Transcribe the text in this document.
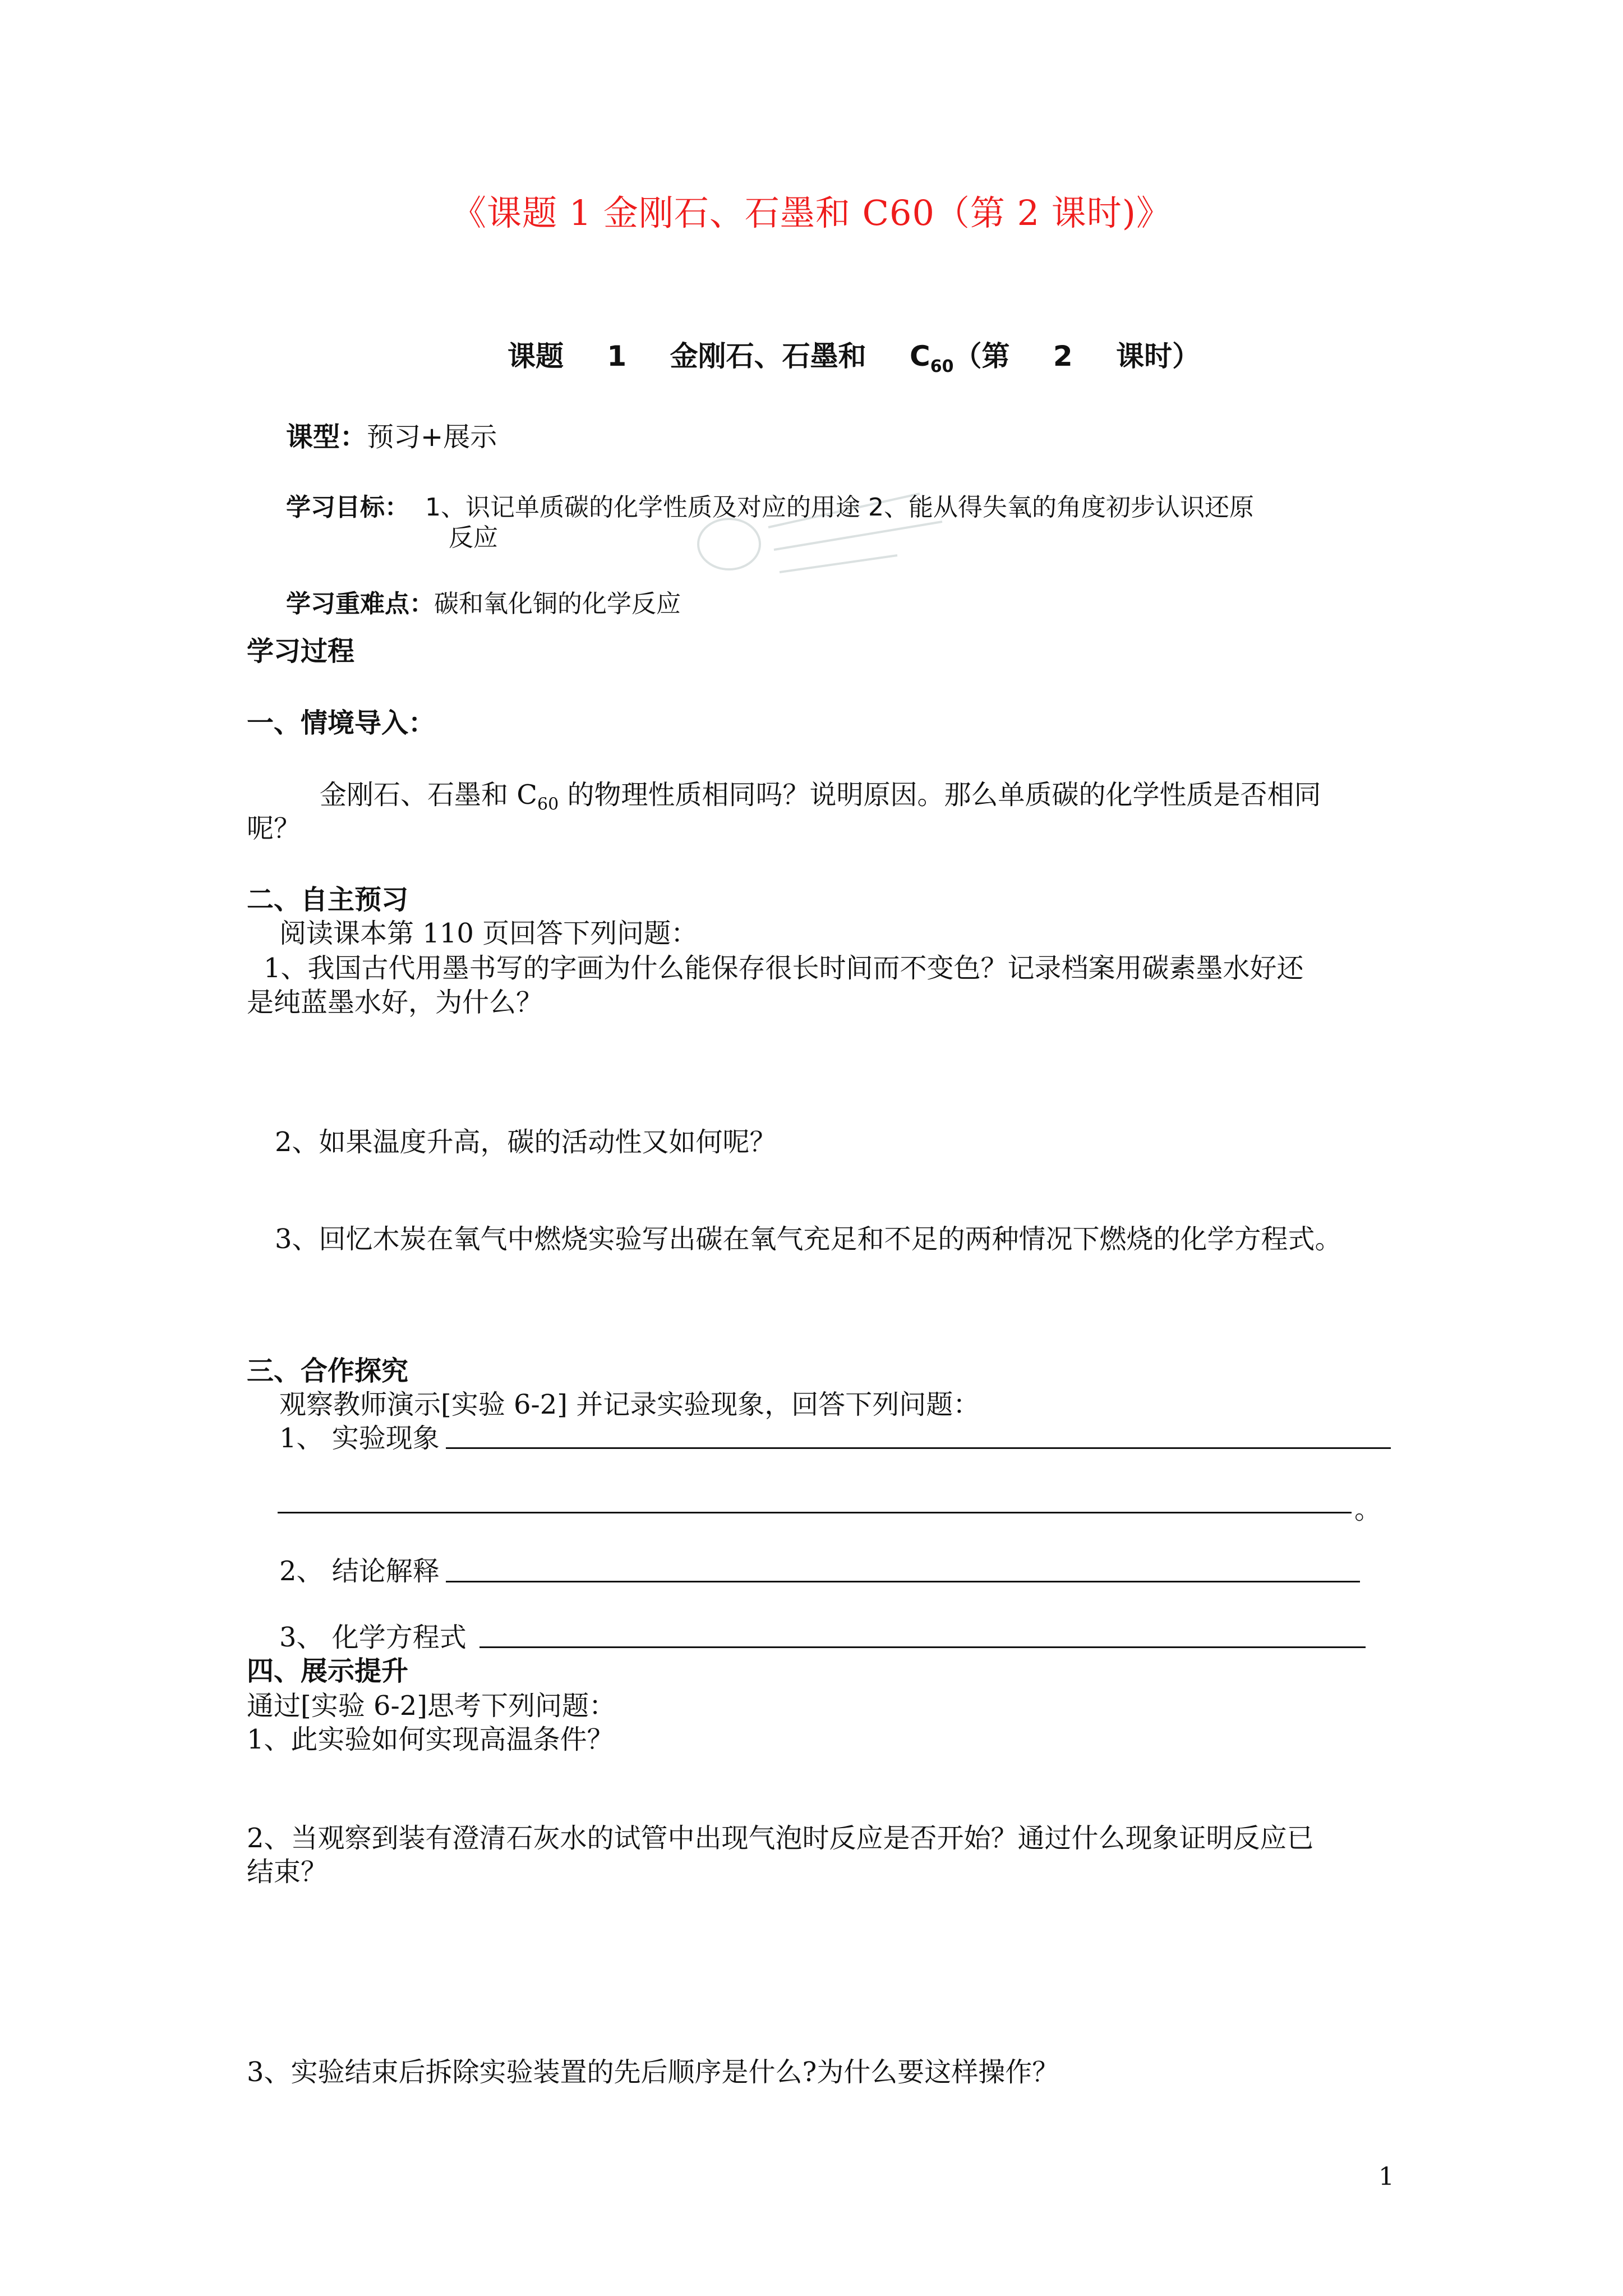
《课题 1 金刚石、石墨和 C60（第 2 课时)》
课题 1 金刚石、石墨和 $C_{60}$（第 2 课时）
课型：预习+展示
学习目标： 1、识记单质碳的化学性质及对应的用途 2、能从得失氧的角度初步认识还原
反应
学习重难点：碳和氧化铜的化学反应
学习过程
一、情境导入：
金刚石、石墨和 $C_{60}$ 的物理性质相同吗？说明原因。那么单质碳的化学性质是否相同
呢？
二、自主预习
阅读课本第 110 页回答下列问题：
1、我国古代用墨书写的字画为什么能保存很长时间而不变色？记录档案用碳素墨水好还
是纯蓝墨水好，为什么？
2、如果温度升高，碳的活动性又如何呢？
3、回忆木炭在氧气中燃烧实验写出碳在氧气充足和不足的两种情况下燃烧的化学方程式。
三、合作探究
观察教师演示[实验 6-2] 并记录实验现象，回答下列问题：
1、 实验现象
。
2、 结论解释
3、 化学方程式
四、展示提升
通过[实验 6-2]思考下列问题：
1、此实验如何实现高温条件？
2、当观察到装有澄清石灰水的试管中出现气泡时反应是否开始？通过什么现象证明反应已
结束？
3、实验结束后拆除实验装置的先后顺序是什么?为什么要这样操作？
1
